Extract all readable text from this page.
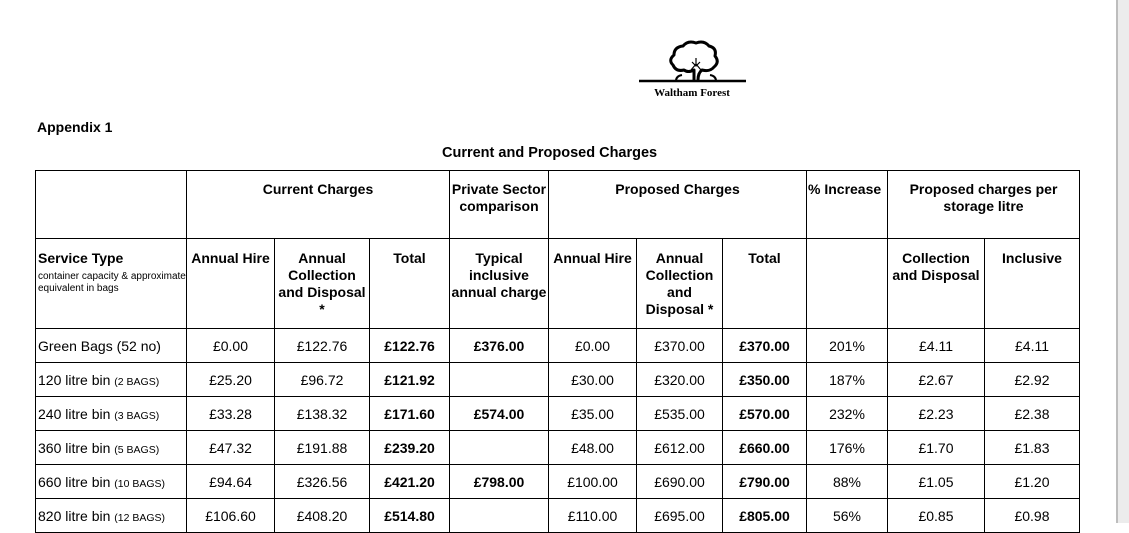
Waltham Forest
Appendix 1
Current and Proposed Charges
	Current Charges			Private Sector comparison	Proposed Charges			% Increase	Proposed charges per storage litre	
Service Type
container capacity & approximate equivalent in bags	Annual Hire	Annual Collection and Disposal *	Total	Typical inclusive annual charge	Annual Hire	Annual Collection and Disposal *	Total		Collection and Disposal	Inclusive
Green Bags (52 no)	£0.00	£122.76	£122.76	£376.00	£0.00	£370.00	£370.00	201%	£4.11	£4.11
120 litre bin (2 BAGS)	£25.20	£96.72	£121.92		£30.00	£320.00	£350.00	187%	£2.67	£2.92
240 litre bin (3 BAGS)	£33.28	£138.32	£171.60	£574.00	£35.00	£535.00	£570.00	232%	£2.23	£2.38
360 litre bin (5 BAGS)	£47.32	£191.88	£239.20		£48.00	£612.00	£660.00	176%	£1.70	£1.83
660 litre bin (10 BAGS)	£94.64	£326.56	£421.20	£798.00	£100.00	£690.00	£790.00	88%	£1.05	£1.20
820 litre bin (12 BAGS)	£106.60	£408.20	£514.80		£110.00	£695.00	£805.00	56%	£0.85	£0.98
